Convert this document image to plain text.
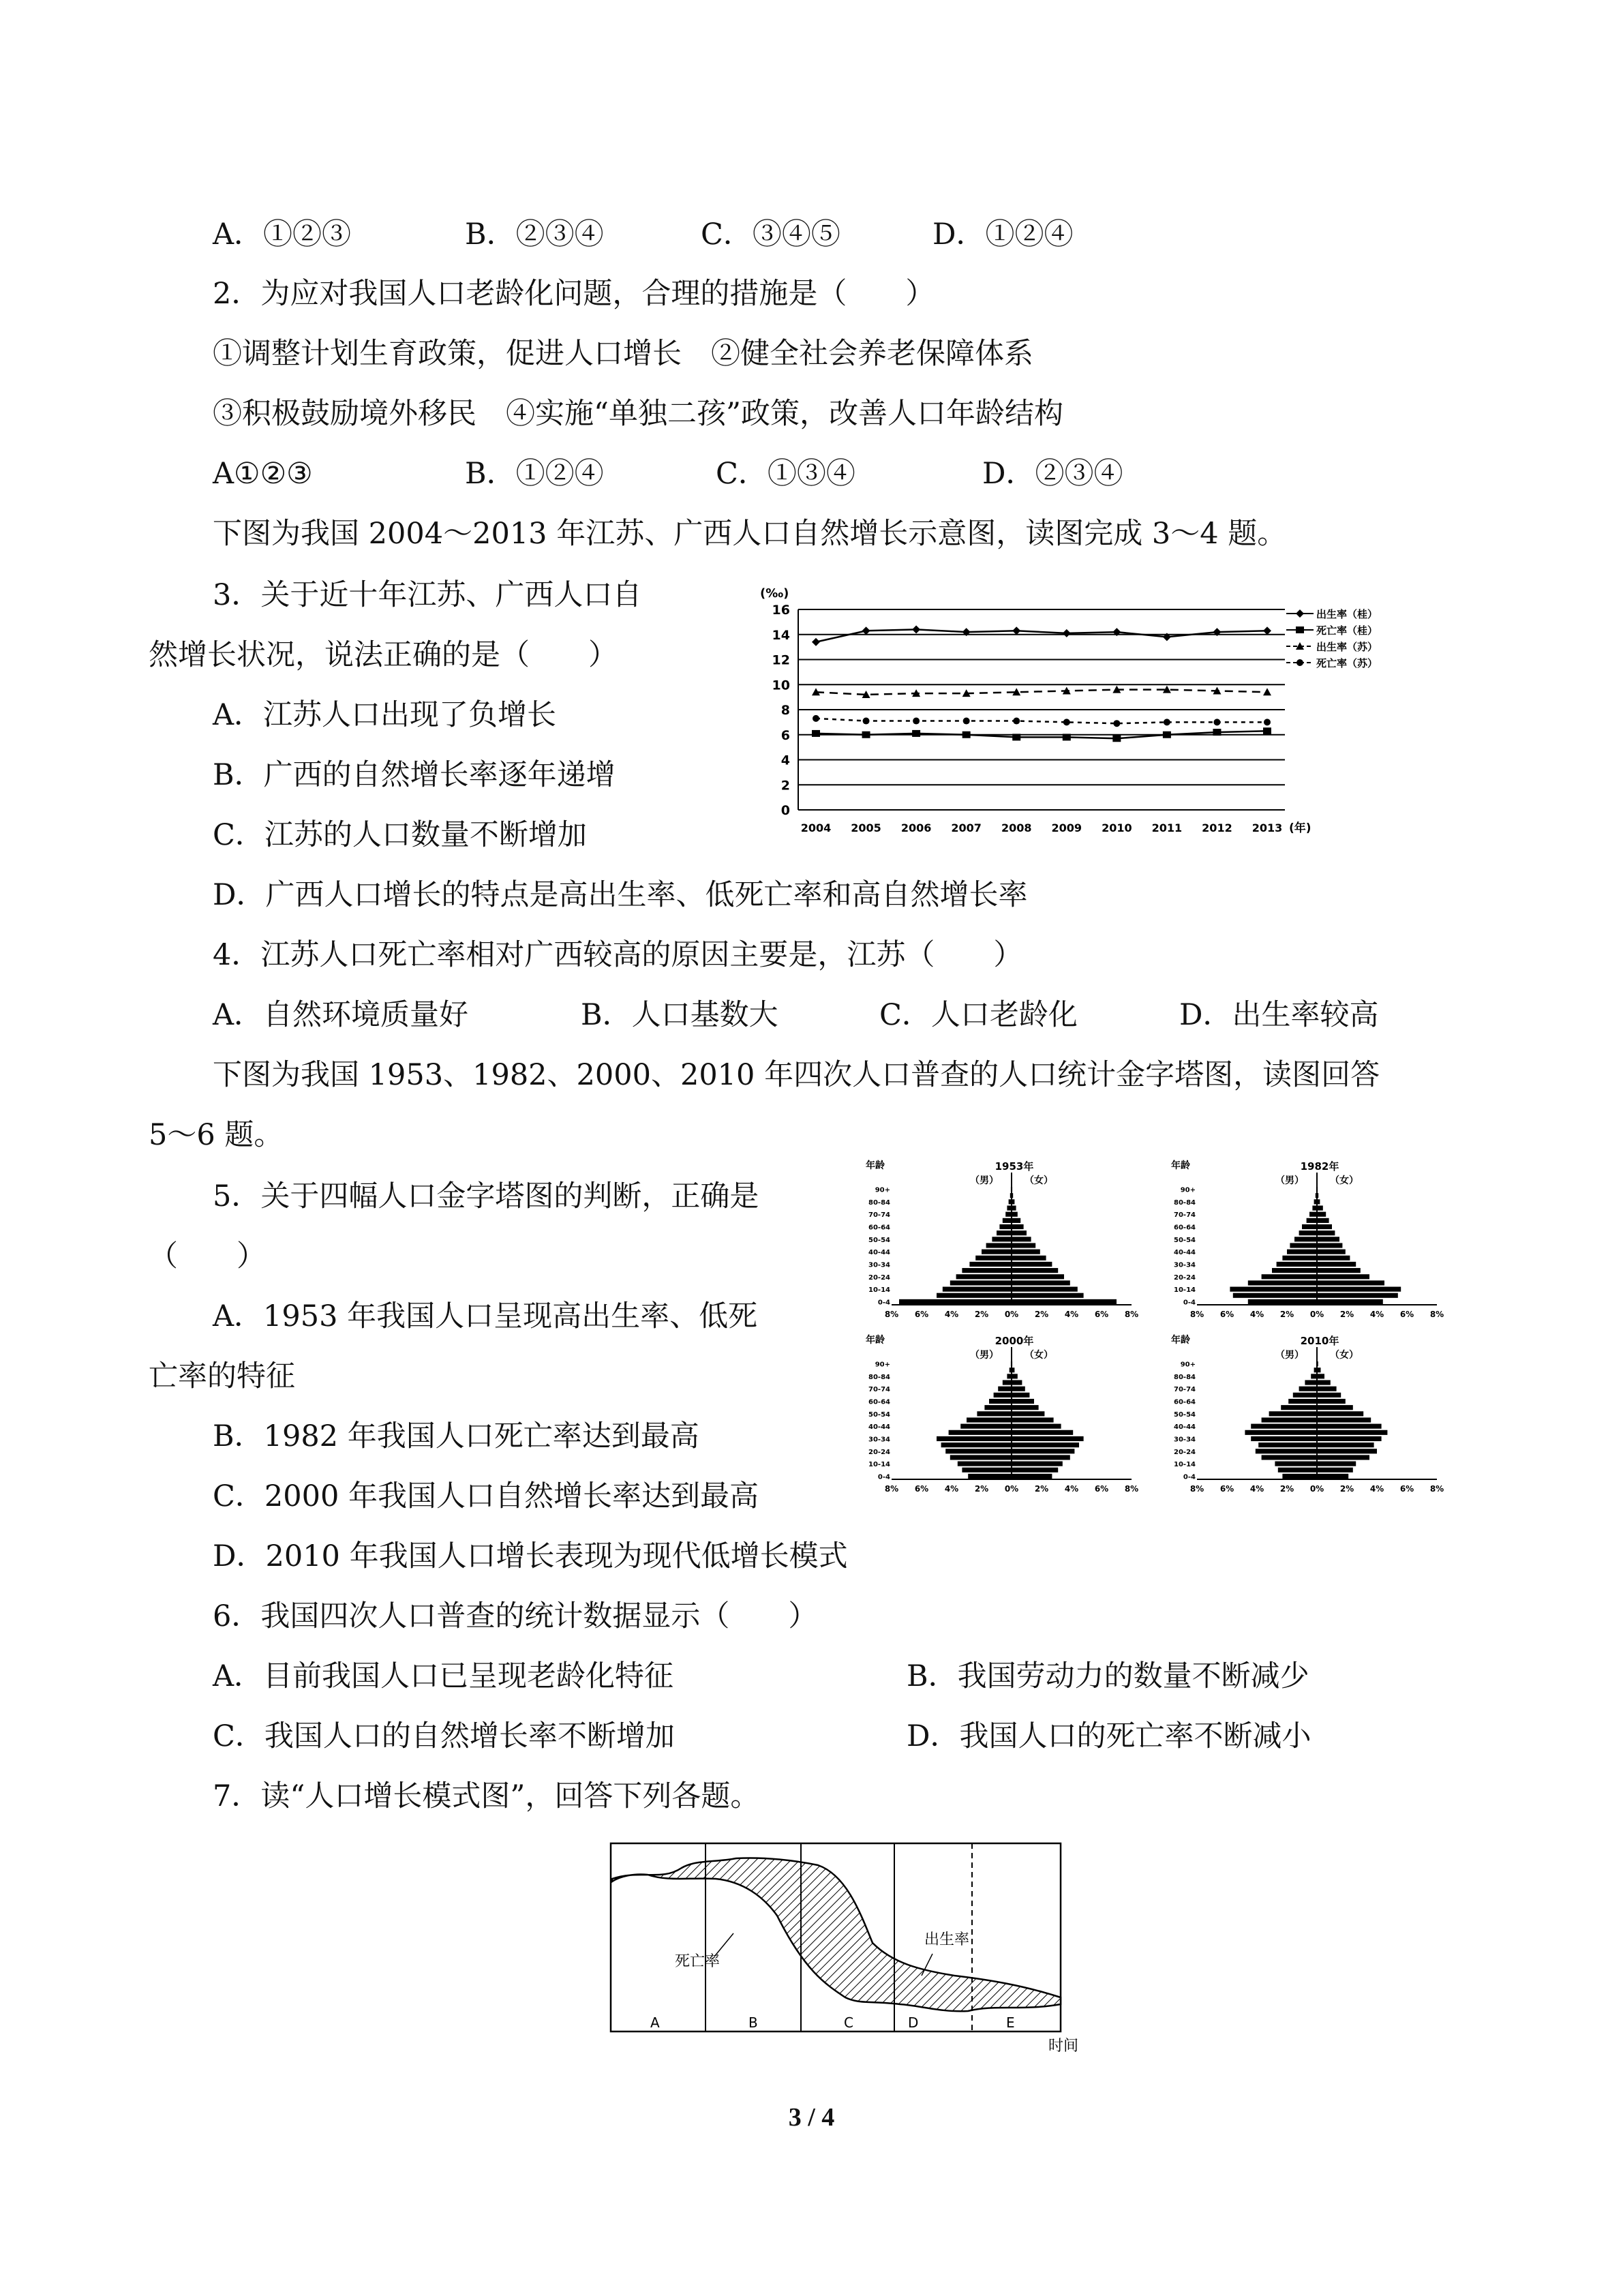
A．①②③	B．②③④	C．③④⑤	D．①②④
2．为应对我国人口老龄化问题，合理的措施是（　　）
①调整计划生育政策，促进人口增长　②健全社会养老保障体系
③积极鼓励境外移民　④实施“单独二孩”政策，改善人口年龄结构
A①②③	B．①②④	C．①③④	D．②③④
下图为我国 2004～2013 年江苏、广西人口自然增长示意图，读图完成 3～4 题。
3．关于近十年江苏、广西人口自
然增长状况，说法正确的是（　　）
A．江苏人口出现了负增长
B．广西的自然增长率逐年递增
C．江苏的人口数量不断增加
D．广西人口增长的特点是高出生率、低死亡率和高自然增长率
0
2
4
6
8
10
12
14
16
(‰)
2004 2005 2006 2007 2008 2009 2010 2011 2012 2013 (年)
出生率（桂）
死亡率（桂）
出生率（苏）
死亡率（苏）
4．江苏人口死亡率相对广西较高的原因主要是，江苏（　　）
A．自然环境质量好	B．人口基数大	C．人口老龄化	D．出生率较高
下图为我国 1953、1982、2000、2010 年四次人口普查的人口统计金字塔图，读图回答
5～6 题。
5．关于四幅人口金字塔图的判断，正确是
（　　）
A．1953 年我国人口呈现高出生率、低死
亡率的特征
B．1982 年我国人口死亡率达到最高
C．2000 年我国人口自然增长率达到最高
D．2010 年我国人口增长表现为现代低增长模式
年龄	1953年
（男）	（女）
0-4
10-14
20-24
30-34
40-44
50-54
60-64
70-74
80-84
90+
8% 6% 4% 2% 0% 2% 4% 6% 8%
年龄	1982年
（男）	（女）
0-4
10-14
20-24
30-34
40-44
50-54
60-64
70-74
80-84
90+
8% 6% 4% 2% 0% 2% 4% 6% 8%
年龄	2000年
（男）	（女）
0-4
10-14
20-24
30-34
40-44
50-54
60-64
70-74
80-84
90+
8% 6% 4% 2% 0% 2% 4% 6% 8%
年龄	2010年
（男）	（女）
0-4
10-14
20-24
30-34
40-44
50-54
60-64
70-74
80-84
90+
8% 6% 4% 2% 0% 2% 4% 6% 8%
6．我国四次人口普查的统计数据显示（　　）
A．目前我国人口已呈现老龄化特征	B．我国劳动力的数量不断减少
C．我国人口的自然增长率不断增加	D．我国人口的死亡率不断减小
7．读“人口增长模式图”，回答下列各题。
A	B	C	D	E
出生率
死亡率
时间
3 / 4
